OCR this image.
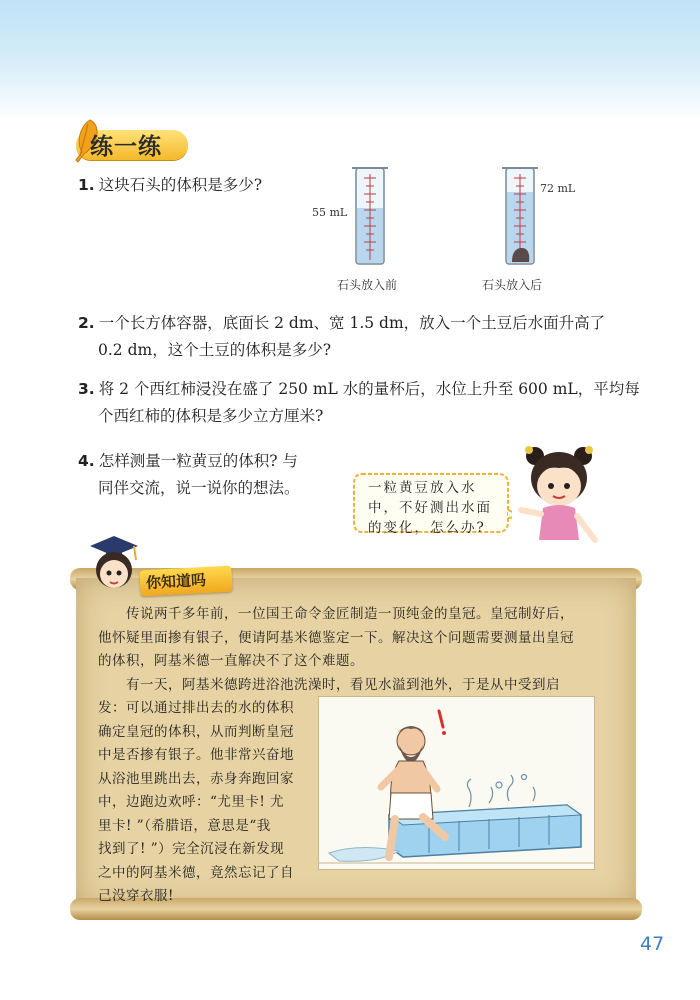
练一练
1. 这块石头的体积是多少?
55 mL
石头放入前
72 mL
石头放入后
2. 一个长方体容器，底面长 2 dm、宽 1.5 dm，放入一个土豆后水面升高了
0.2 dm，这个土豆的体积是多少?
3. 将 2 个西红柿浸没在盛了 250 mL 水的量杯后，水位上升至 600 mL，平均每
个西红柿的体积是多少立方厘米?
4. 怎样测量一粒黄豆的体积? 与
同伴交流，说一说你的想法。	一粒黄豆放入水
中，不好测出水面
的变化，怎么办?
你知道吗
传说两千多年前，一位国王命令金匠制造一顶纯金的皇冠。皇冠制好后，
他怀疑里面掺有银子，便请阿基米德鉴定一下。解决这个问题需要测量出皇冠
的体积，阿基米德一直解决不了这个难题。
有一天，阿基米德跨进浴池洗澡时，看见水溢到池外，于是从中受到启
发：可以通过排出去的水的体积
确定皇冠的体积，从而判断皇冠
中是否掺有银子。他非常兴奋地
从浴池里跳出去，赤身奔跑回家
中，边跑边欢呼：“尤里卡! 尤
里卡! ”（希腊语，意思是“我
找到了! ”）完全沉浸在新发现
之中的阿基米德，竟然忘记了自
己没穿衣服!
47
